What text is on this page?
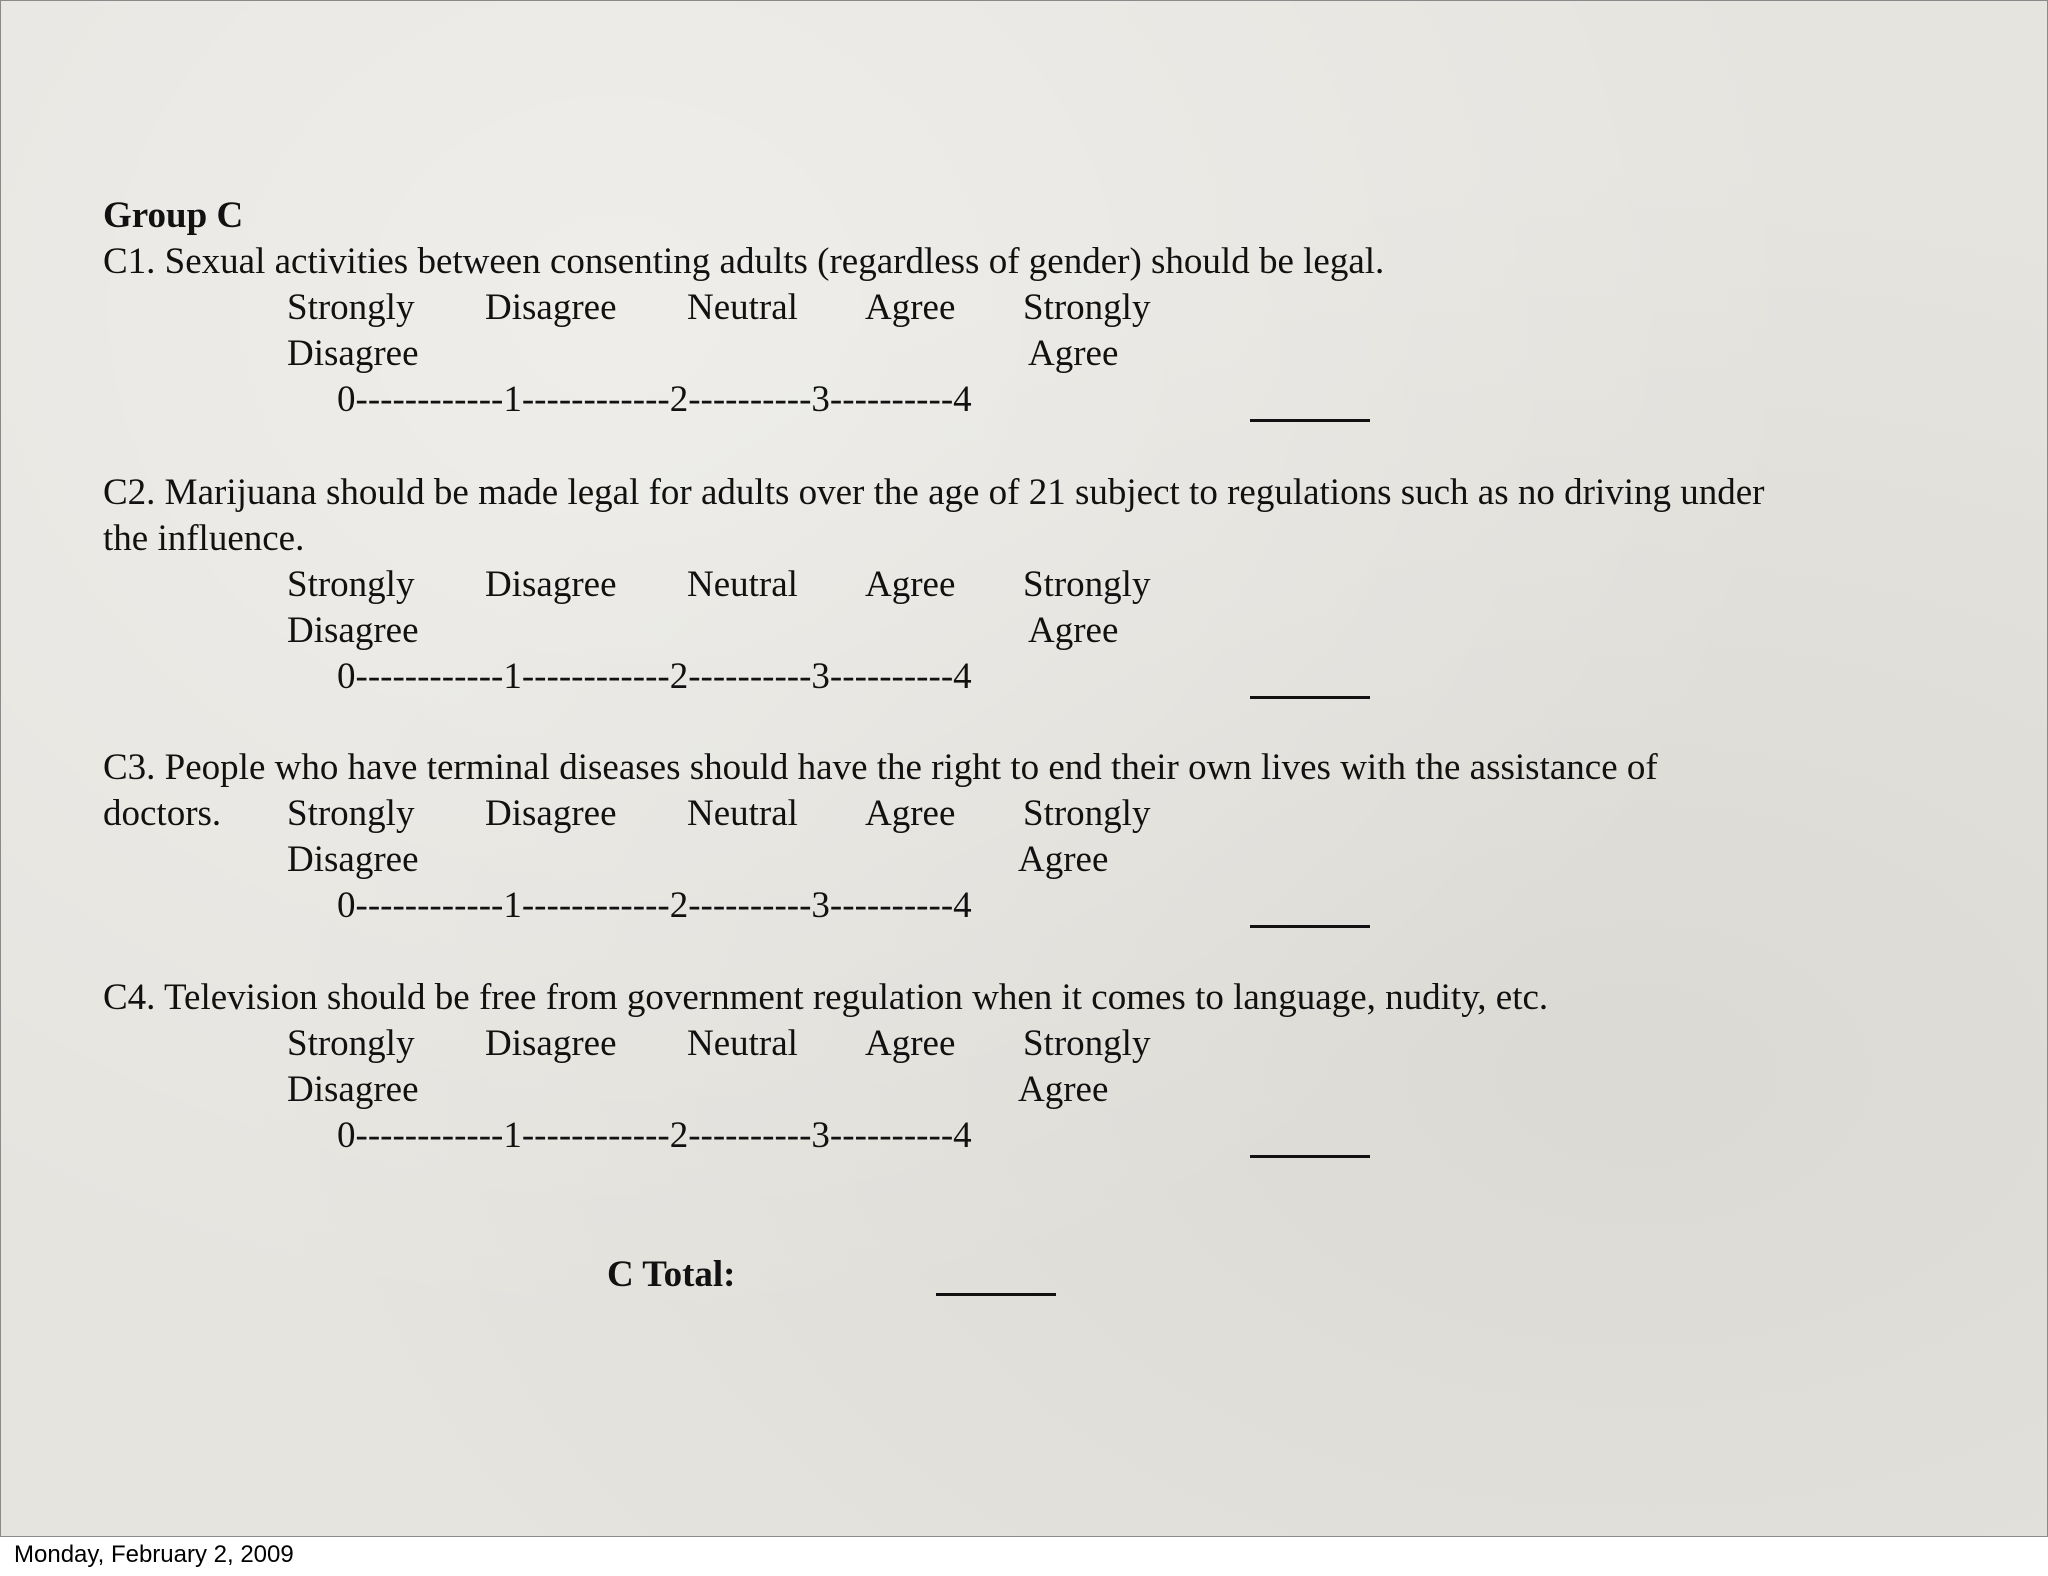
Group C
C1. Sexual activities between consenting adults (regardless of gender) should be legal.
Strongly Disagree Neutral Agree Strongly
Disagree	Agree
0------------1------------2----------3----------4
C2. Marijuana should be made legal for adults over the age of 21 subject to regulations such as no driving under
the influence.
Strongly Disagree Neutral Agree Strongly
Disagree	Agree
0------------1------------2----------3----------4
C3. People who have terminal diseases should have the right to end their own lives with the assistance of
doctors. Strongly Disagree Neutral Agree Strongly
Disagree	Agree
0------------1------------2----------3----------4
C4. Television should be free from government regulation when it comes to language, nudity, etc.
Strongly Disagree Neutral Agree Strongly
Disagree	Agree
0------------1------------2----------3----------4
C Total:
Monday, February 2, 2009
